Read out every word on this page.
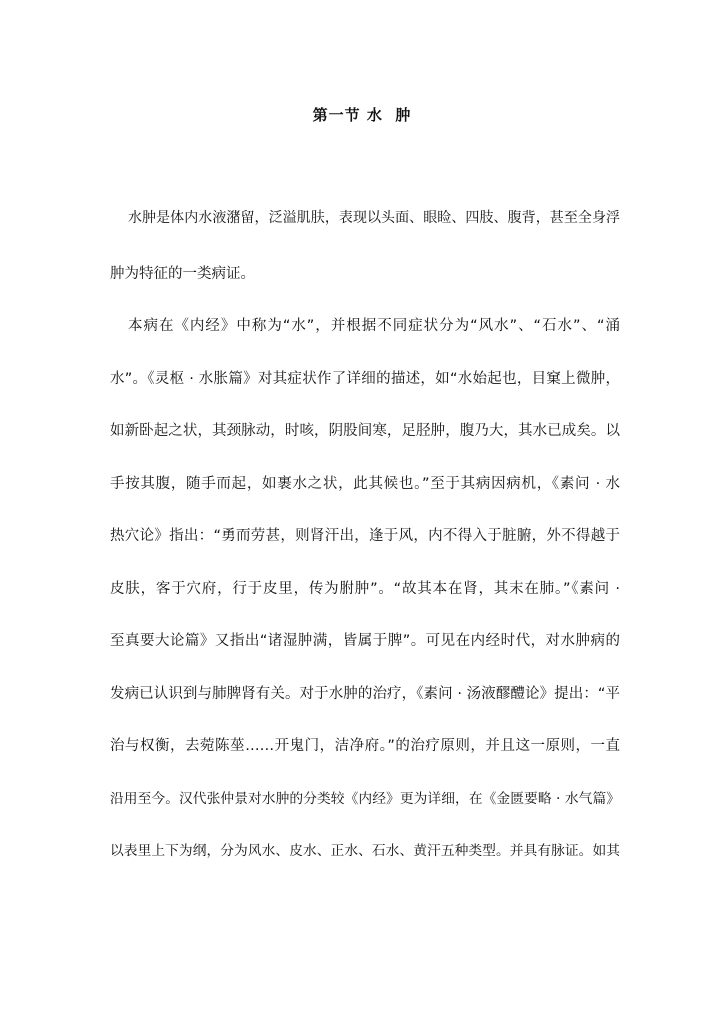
第一节 水  肿
水肿是体内水液潴留，泛溢肌肤，表现以头面、眼睑、四肢、腹背，甚至全身浮
肿为特征的一类病证。
本病在《内经》中称为“水”，并根据不同症状分为“风水”、“石水”、“涌
水”。《灵枢 · 水胀篇》对其症状作了详细的描述，如“水始起也，目窠上微肿，
如新卧起之状，其颈脉动，时咳，阴股间寒，足胫肿，腹乃大，其水已成矣。以
手按其腹，随手而起，如裹水之状，此其候也。”至于其病因病机，《素问 · 水
热穴论》指出：“勇而劳甚，则肾汗出，逢于风，内不得入于脏腑，外不得越于
皮肤，客于穴府，行于皮里，传为胕肿”。“故其本在肾，其末在肺。”《素问 ·
至真要大论篇》又指出“诸湿肿满，皆属于脾”。可见在内经时代，对水肿病的
发病已认识到与肺脾肾有关。对于水肿的治疗，《素问 · 汤液醪醴论》提出：“平
治与权衡，去菀陈莝……开鬼门，洁净府。”的治疗原则，并且这一原则，一直
沿用至今。汉代张仲景对水肿的分类较《内经》更为详细，在《金匮要略 · 水气篇》
以表里上下为纲，分为风水、皮水、正水、石水、黄汗五种类型。并具有脉证。如其
